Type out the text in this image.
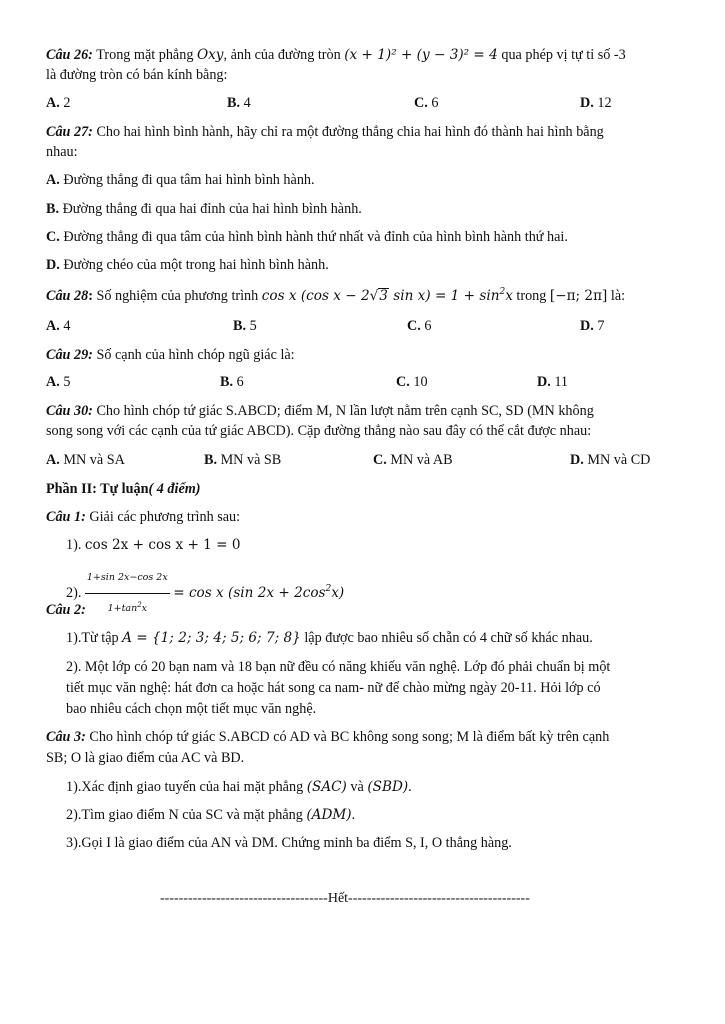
Câu 26: Trong mặt phẳng Oxy, ảnh của đường tròn (x + 1)² + (y − 3)² = 4 qua phép vị tự tỉ số -3
là đường tròn có bán kính bằng:
A. 2	B. 4	C. 6	D. 12
Câu 27: Cho hai hình bình hành, hãy chỉ ra một đường thẳng chia hai hình đó thành hai hình bằng
nhau:
A. Đường thẳng đi qua tâm hai hình bình hành.
B. Đường thẳng đi qua hai đỉnh của hai hình bình hành.
C. Đường thẳng đi qua tâm của hình bình hành thứ nhất và đỉnh của hình bình hành thứ hai.
D. Đường chéo của một trong hai hình bình hành.
Câu 28: Số nghiệm của phương trình cos x (cos x − 2√3 $\sin x) = 1 + \sin^2x$ trong [−π; 2π] là:
A. 4	B. 5	C. 6	D. 7
Câu 29: Số cạnh của hình chóp ngũ giác là:
A. 5	B. 6	C. 10	D. 11
Câu 30: Cho hình chóp tứ giác S.ABCD; điểm M, N lần lượt nằm trên cạnh SC, SD (MN không
song song với các cạnh của tứ giác ABCD). Cặp đường thẳng nào sau đây có thể cắt được nhau:
A. MN và SA	B. MN và SB	C. MN và AB	D. MN và CD
Phần II: Tự luận( 4 điểm)
Câu 1: Giải các phương trình sau:
1). cos 2x + cos x + 1 = 0
2). $\frac{1+\sin 2x-\cos 2x}{1+\tan^2x} = \cos x$ (sin $2x + 2\cos^2x$)
Câu 2:
1).Từ tập A = {1; 2; 3; 4; 5; 6; 7; 8} lập được bao nhiêu số chẵn có 4 chữ số khác nhau.
2). Một lớp có 20 bạn nam và 18 bạn nữ đều có năng khiếu văn nghệ. Lớp đó phải chuẩn bị một
tiết mục văn nghệ: hát đơn ca hoặc hát song ca nam- nữ để chào mừng ngày 20-11. Hỏi lớp có
bao nhiêu cách chọn một tiết mục văn nghệ.
Câu 3: Cho hình chóp tứ giác S.ABCD có AD và BC không song song; M là điểm bất kỳ trên cạnh
SB; O là giao điểm của AC và BD.
1).Xác định giao tuyến của hai mặt phẳng (SAC) và (SBD).
2).Tìm giao điểm N của SC và mặt phẳng (ADM).
3).Gọi I là giao điểm của AN và DM. Chứng minh ba điểm S, I, O thẳng hàng.
------------------------------------Hết---------------------------------------
